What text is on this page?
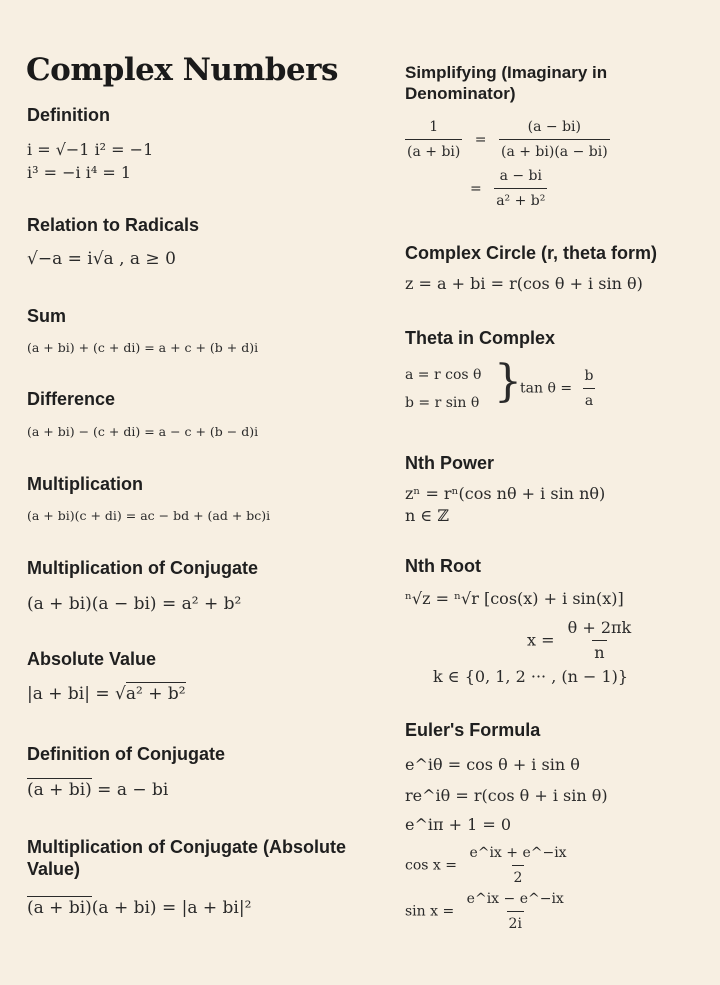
Complex Numbers
Definition
i = √−1 i² = −1
i³ = −i i⁴ = 1
Relation to Radicals
√−a = i√a , a ≥ 0
Sum
(a + bi) + (c + di) = a + c + (b + d)i
Difference
(a + bi) − (c + di) = a − c + (b − d)i
Multiplication
(a + bi)(c + di) = ac − bd + (ad + bc)i
Multiplication of Conjugate
(a + bi)(a − bi) = a² + b²
Absolute Value
|a + bi| = √a² + b²
Definition of Conjugate
(a + bi) = a − bi
Multiplication of Conjugate (Absolute Value)
(a + bi)(a + bi) = |a + bi|²
Simplifying (Imaginary in Denominator)
$\frac{1}{(a + bi)} = \frac{(a - bi)}{(a + bi)(a - bi)}$
= $\frac{a - bi}{\text{a² + b²}}$
Complex Circle (r, theta form)
z = a + bi = r(cos θ + i sin θ)
Theta in Complex
a = r cos θ
b = r sin θ }
$\tan \theta = \frac{b}{a}$
Nth Power
zⁿ = rⁿ(cos nθ + i sin nθ)
n ∈ ℤ
Nth Root
ⁿ√z = ⁿ√r [cos(x) + i sin(x)]
$x = \frac{\theta + 2\pi k}{n}$
k ∈ {0, 1, 2 ··· , (n − 1)}
Euler's Formula
e^iθ = cos θ + i sin θ
re^iθ = r(cos θ + i sin θ)
e^iπ + 1 = 0
$\cos x = \frac{e\^{}ix + e\^{}-ix}{2}$
$\sin x = \frac{e\^{}ix - e\^{}-ix}{2i}$
